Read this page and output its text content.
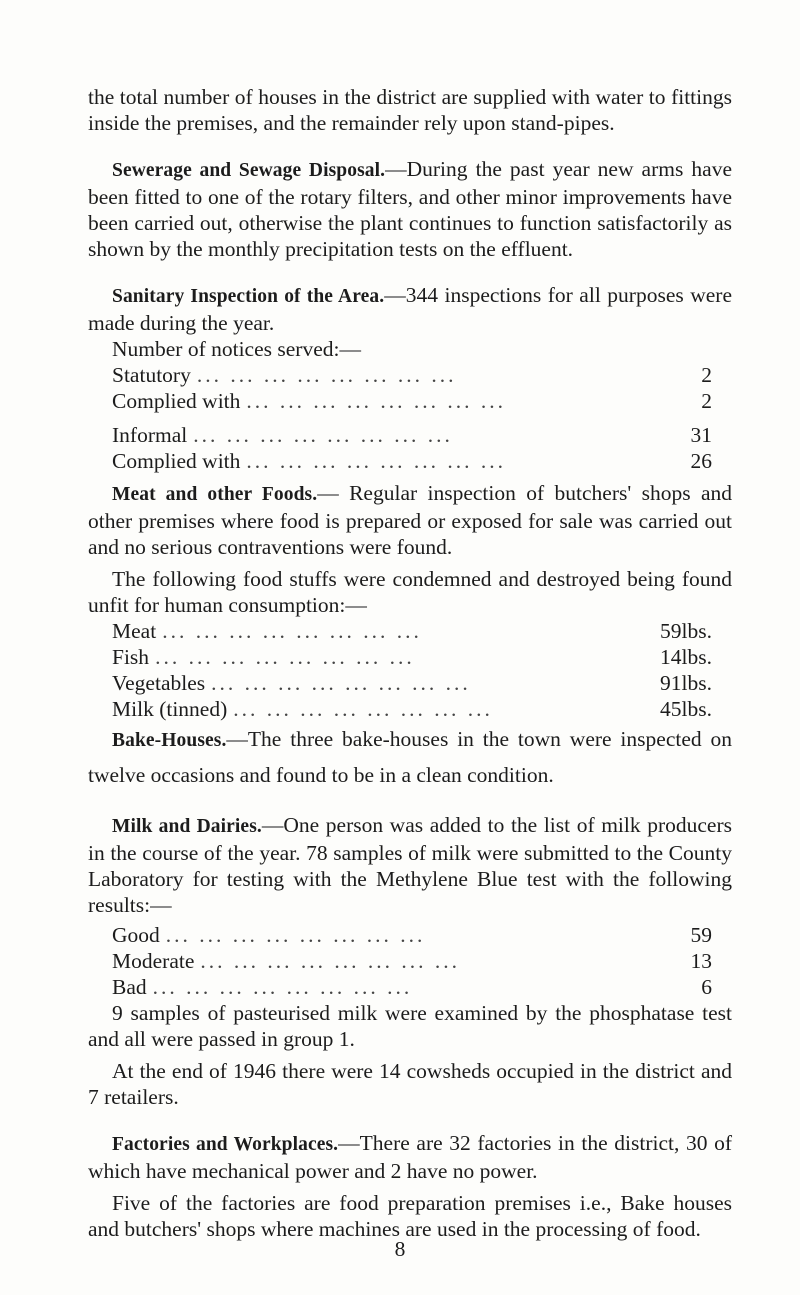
the total number of houses in the district are supplied with water to fittings inside the premises, and the remainder rely upon stand-pipes.

Sewerage and Sewage Disposal.—During the past year new arms have been fitted to one of the rotary filters, and other minor improvements have been carried out, otherwise the plant continues to function satisfactorily as shown by the monthly precipitation tests on the effluent.

Sanitary Inspection of the Area.—344 inspections for all purposes were made during the year.

Number of notices served:—

Statutory ... ... ... ... ... ... ... ...	2
Complied with ... ... ... ... ... ... ... ...	2
Informal ... ... ... ... ... ... ... ...	31
Complied with ... ... ... ... ... ... ... ...	26

Meat and other Foods.— Regular inspection of butchers' shops and other premises where food is prepared or exposed for sale was carried out and no serious contraventions were found.

The following food stuffs were condemned and destroyed being found unfit for human consumption:—

Meat ... ... ... ... ... ... ... ...	59lbs.
Fish ... ... ... ... ... ... ... ...	14lbs.
Vegetables ... ... ... ... ... ... ... ...	91lbs.
Milk (tinned) ... ... ... ... ... ... ... ...	45lbs.

Bake-Houses.—The three bake-houses in the town were inspected on twelve occasions and found to be in a clean condition.

Milk and Dairies.—One person was added to the list of milk producers in the course of the year. 78 samples of milk were submitted to the County Laboratory for testing with the Methylene Blue test with the following results:—

Good ... ... ... ... ... ... ... ...	59
Moderate ... ... ... ... ... ... ... ...	13
Bad ... ... ... ... ... ... ... ...	6

9 samples of pasteurised milk were examined by the phosphatase test and all were passed in group 1.

At the end of 1946 there were 14 cowsheds occupied in the district and 7 retailers.

Factories and Workplaces.—There are 32 factories in the district, 30 of which have mechanical power and 2 have no power.

Five of the factories are food preparation premises i.e., Bake houses and butchers' shops where machines are used in the processing of food.

8
